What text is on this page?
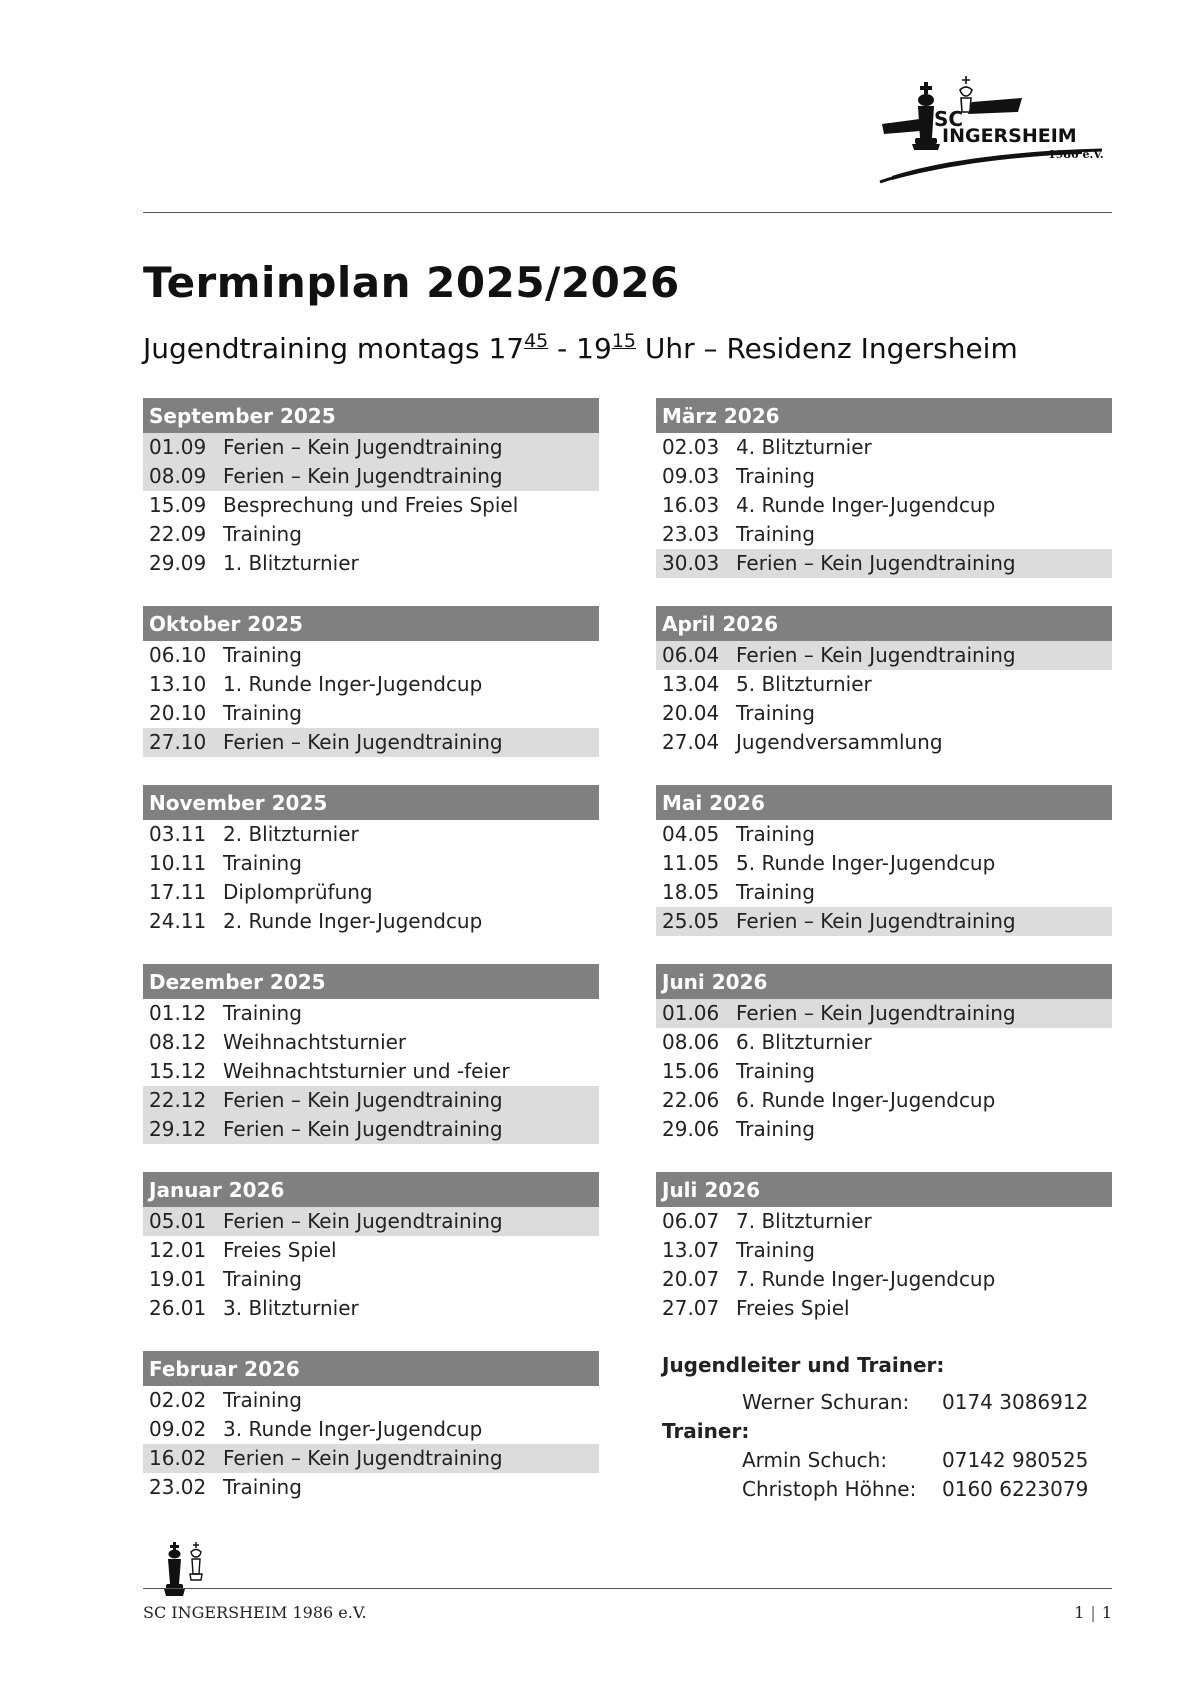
SC
INGERSHEIM
1986 e.V.
Terminplan 2025/2026
Jugendtraining montags $17^{45} - 19^{15}$ Uhr – Residenz Ingersheim
September 2025
01.09 Ferien – Kein Jugendtraining
08.09 Ferien – Kein Jugendtraining
15.09 Besprechung und Freies Spiel
22.09 Training
29.09 1. Blitzturnier
Oktober 2025
06.10 Training
13.10 1. Runde Inger-Jugendcup
20.10 Training
27.10 Ferien – Kein Jugendtraining
November 2025
03.11 2. Blitzturnier
10.11 Training
17.11 Diplomprüfung
24.11 2. Runde Inger-Jugendcup
Dezember 2025
01.12 Training
08.12 Weihnachtsturnier
15.12 Weihnachtsturnier und -feier
22.12 Ferien – Kein Jugendtraining
29.12 Ferien – Kein Jugendtraining
Januar 2026
05.01 Ferien – Kein Jugendtraining
12.01 Freies Spiel
19.01 Training
26.01 3. Blitzturnier
Februar 2026
02.02 Training
09.02 3. Runde Inger-Jugendcup
16.02 Ferien – Kein Jugendtraining
23.02 Training
März 2026
02.03 4. Blitzturnier
09.03 Training
16.03 4. Runde Inger-Jugendcup
23.03 Training
30.03 Ferien – Kein Jugendtraining
April 2026
06.04 Ferien – Kein Jugendtraining
13.04 5. Blitzturnier
20.04 Training
27.04 Jugendversammlung
Mai 2026
04.05 Training
11.05 5. Runde Inger-Jugendcup
18.05 Training
25.05 Ferien – Kein Jugendtraining
Juni 2026
01.06 Ferien – Kein Jugendtraining
08.06 6. Blitzturnier
15.06 Training
22.06 6. Runde Inger-Jugendcup
29.06 Training
Juli 2026
06.07 7. Blitzturnier
13.07 Training
20.07 7. Runde Inger-Jugendcup
27.07 Freies Spiel
Jugendleiter und Trainer:
Werner Schuran:	0174 3086912
Trainer:
Armin Schuch:	07142 980525
Christoph Höhne:	0160 6223079
SC INGERSHEIM 1986 e.V.	1 | 1
